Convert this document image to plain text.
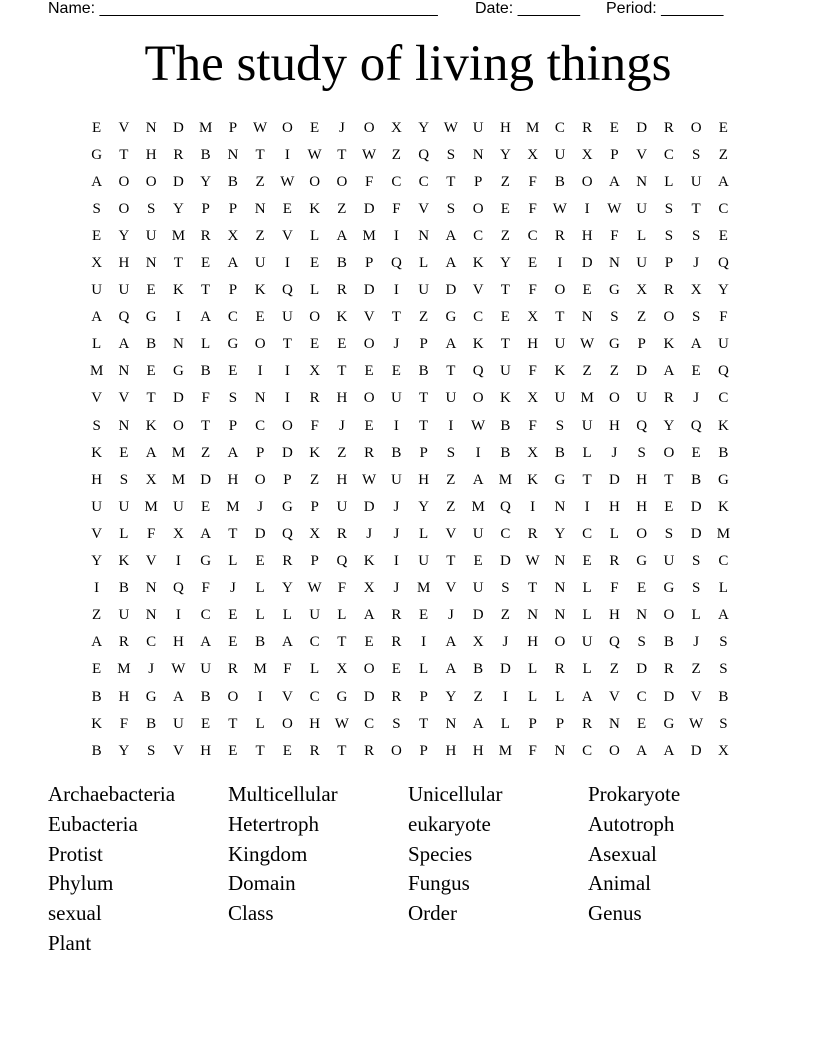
Name: ______________________________________ Date: _______ Period: _______
The study of living things
E	V	N	D	M	P	W O	E	J	O	X	Y W U	H	M	C	R	E	D	R	O	E
G	T	H	R	B	N	T	I	W	T	W	Z	Q	S	N	Y	X	U	X	P	V	C	S	Z
A	O	O	D	Y	B	Z	W O	O	F	C	C	T	P	Z	F	B	O	A	N	L	U	A
S	O	S	Y	P	P	N	E	K	Z	D	F	V	S	O	E	F	W	I	W U	S	T	C
E	Y	U	M	R	X	Z	V	L	A	M	I	N	A	C	Z	C	R	H	F	L	S	S	E
X	H	N	T	E	A	U	I	E	B	P	Q	L	A	K	Y	E	I	D	N	U	P	J	Q
U	U	E	K	T	P	K	Q	L	R	D	I	U	D	V	T	F	O	E	G	X	R	X	Y
A	Q	G	I	A	C	E	U	O	K	V	T	Z	G	C	E	X	T	N	S	Z	O	S	F
L	A	B	N	L	G	O	T	E	E	O	J	P	A	K	T	H	U W G	P	K	A	U
M	N	E	G	B	E	I	I	X	T	E	E	B	T	Q	U	F	K	Z	Z	D	A	E	Q
V	V	T	D	F	S	N	I	R	H	O	U	T	U	O	K	X	U	M	O	U	R	J	C
S	N	K	O	T	P	C	O	F	J	E	I	T	I	W	B	F	S	U	H	Q	Y	Q	K
K	E	A	M	Z	A	P	D	K	Z	R	B	P	S	I	B	X	B	L	J	S	O	E	B
H	S	X	M	D	H	O	P	Z	H W U	H	Z	A	M	K	G	T	D	H	T	B	G
U	U	M	U	E	M	J	G	P	U	D	J	Y	Z	M	Q	I	N	I	H	H	E	D	K
V	L	F	X	A	T	D	Q	X	R	J	J	L	V	U	C	R	Y	C	L	O	S	D	M
Y	K	V	I	G	L	E	R	P	Q	K	I	U	T	E	D W N	E	R	G	U	S	C
I	B	N	Q	F	J	L	Y W	F	X	J	M	V	U	S	T	N	L	F	E	G	S	L
Z	U	N	I	C	E	L	L	U	L	A	R	E	J	D	Z	N	N	L	H	N	O	L	A
A	R	C	H	A	E	B	A	C	T	E	R	I	A	X	J	H	O	U	Q	S	B	J	S
E	M	J	W U	R	M	F	L	X	O	E	L	A	B	D	L	R	L	Z	D	R	Z	S
B	H	G	A	B	O	I	V	C	G	D	R	P	Y	Z	I	L	L	A	V	C	D	V	B
K	F	B	U	E	T	L	O	H W	C	S	T	N	A	L	P	P	R	N	E	G W	S
B	Y	S	V	H	E	T	E	R	T	R	O	P	H	H	M	F	N	C	O	A	A	D	X
Archaebacteria	Multicellular	Unicellular	Prokaryote
Eubacteria	Hetertroph	eukaryote	Autotroph
Protist	Kingdom	Species	Asexual
Phylum	Domain	Fungus	Animal
sexual	Class	Order	Genus
Plant
